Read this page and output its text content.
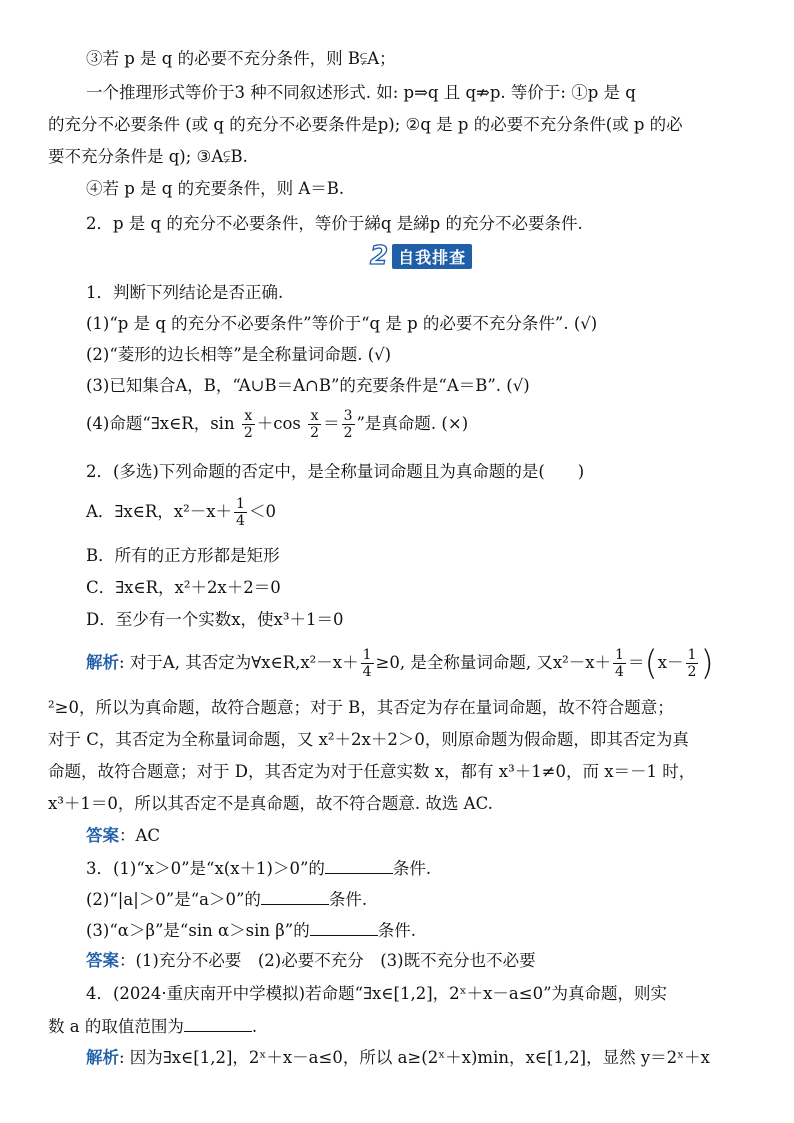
③若 p 是 q 的必要不充分条件，则 B⫋A；
一个推理形式等价于3 种不同叙述形式. 如: p⇒q 且 q⇏p. 等价于: ①p 是 q
的充分不必要条件 (或 q 的充分不必要条件是p); ②q 是 p 的必要不充分条件(或 p 的必
要不充分条件是 q); ③A⫋B.
④若 p 是 q 的充要条件，则 A＝B.
2．p 是 q 的充分不必要条件，等价于綈q 是綈p 的充分不必要条件.
2 自我排查
1．判断下列结论是否正确.
(1)“p 是 q 的充分不必要条件”等价于“q 是 p 的必要不充分条件”. (√)
(2)“菱形的边长相等”是全称量词命题. (√)
(3)已知集合A，B，“A∪B＝A∩B”的充要条件是“A＝B”. (√)
(4)命题“∃x∈R，$\sin \frac{x}{2} +\cos \frac{x}{2} = \frac{3}{2}$ ”是真命题. (×)
2．(多选)下列命题的否定中，是全称量词命题且为真命题的是(　　)
A．∃x∈R，$x^2-x+ \frac{1}{4} <0$
B．所有的正方形都是矩形
C．∃x∈R，x²＋2x＋2＝0
D．至少有一个实数x，使x³＋1＝0
解析: 对于A, 其否定为∀x∈R,x²－x＋ $\frac{1}{4} \ge 0$, 是全称量词命题, 又$x^2-x+ \frac{1}{4} =(x- \frac{1}{2}$ )
²≥0，所以为真命题，故符合题意；对于 B，其否定为存在量词命题，故不符合题意；
对于 C，其否定为全称量词命题，又 x²＋2x＋2＞0，则原命题为假命题，即其否定为真
命题，故符合题意；对于 D，其否定为对于任意实数 x，都有 x³＋1≠0，而 x＝－1 时，
x³＋1＝0，所以其否定不是真命题，故不符合题意. 故选 AC.
答案：AC
3．(1)“x＞0”是“x(x＋1)＞0”的	条件.
(2)“|a|＞0”是“a＞0”的	条件.
(3)“α＞β”是“sin α＞sin β”的	条件.
答案：(1)充分不必要　(2)必要不充分　(3)既不充分也不必要
4．(2024·重庆南开中学模拟)若命题“∃x∈[1,2]，2ˣ＋x－a≤0”为真命题，则实
数 a 的取值范围为	.
解析: 因为∃x∈[1,2]，2ˣ＋x－a≤0，所以 a≥(2ˣ＋x)min，x∈[1,2]，显然 y＝2ˣ＋x
